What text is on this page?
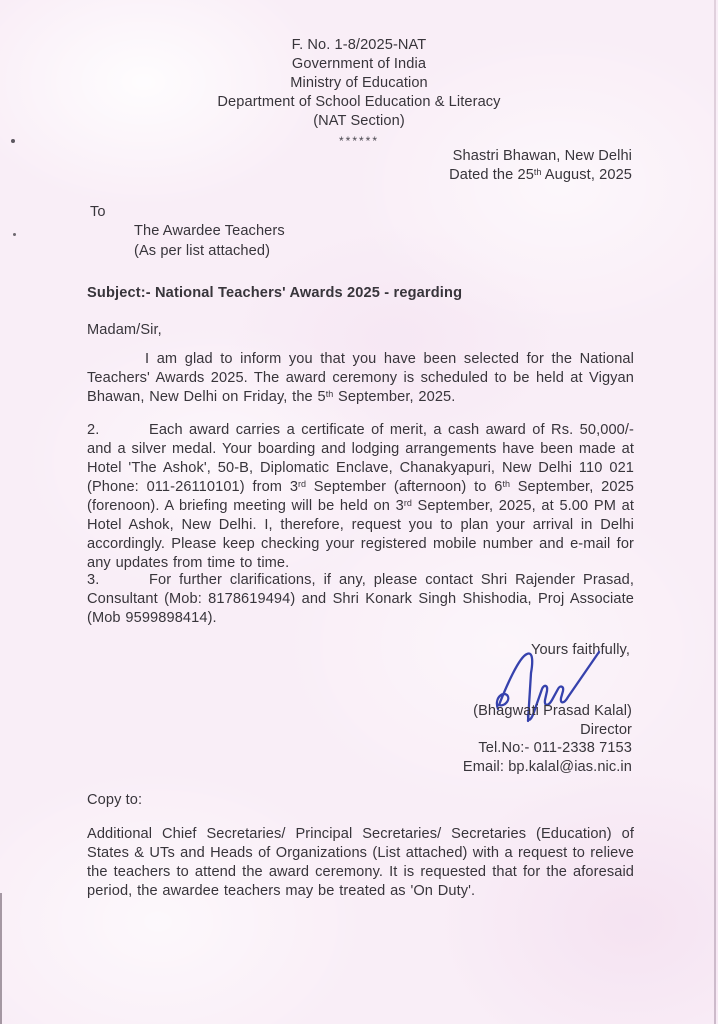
F. No. 1-8/2025-NAT
Government of India
Ministry of Education
Department of School Education & Literacy
(NAT Section)
******
Shastri Bhawan, New Delhi
Dated the 25th August, 2025
To
The Awardee Teachers
(As per list attached)
Subject:- National Teachers' Awards 2025 - regarding
Madam/Sir,

I am glad to inform you that you have been selected for the National Teachers' Awards 2025. The award ceremony is scheduled to be held at Vigyan Bhawan, New Delhi on Friday, the 5th September, 2025.

2.	Each award carries a certificate of merit, a cash award of Rs. 50,000/- and a silver medal. Your boarding and lodging arrangements have been made at Hotel 'The Ashok', 50-B, Diplomatic Enclave, Chanakyapuri, New Delhi 110 021 (Phone: 011-26110101) from 3rd September (afternoon) to 6th September, 2025 (forenoon). A briefing meeting will be held on 3rd September, 2025, at 5.00 PM at Hotel Ashok, New Delhi. I, therefore, request you to plan your arrival in Delhi accordingly. Please keep checking your registered mobile number and e-mail for any updates from time to time.

3.	For further clarifications, if any, please contact Shri Rajender Prasad, Consultant (Mob: 8178619494) and Shri Konark Singh Shishodia, Proj Associate (Mob 9599898414).

Yours faithfully,
(Bhagwati Prasad Kalal)
Director
Tel.No:- 011-2338 7153
Email: bp.kalal@ias.nic.in
Copy to:

Additional Chief Secretaries/ Principal Secretaries/ Secretaries (Education) of States & UTs and Heads of Organizations (List attached) with a request to relieve the teachers to attend the award ceremony. It is requested that for the aforesaid period, the awardee teachers may be treated as 'On Duty'.
